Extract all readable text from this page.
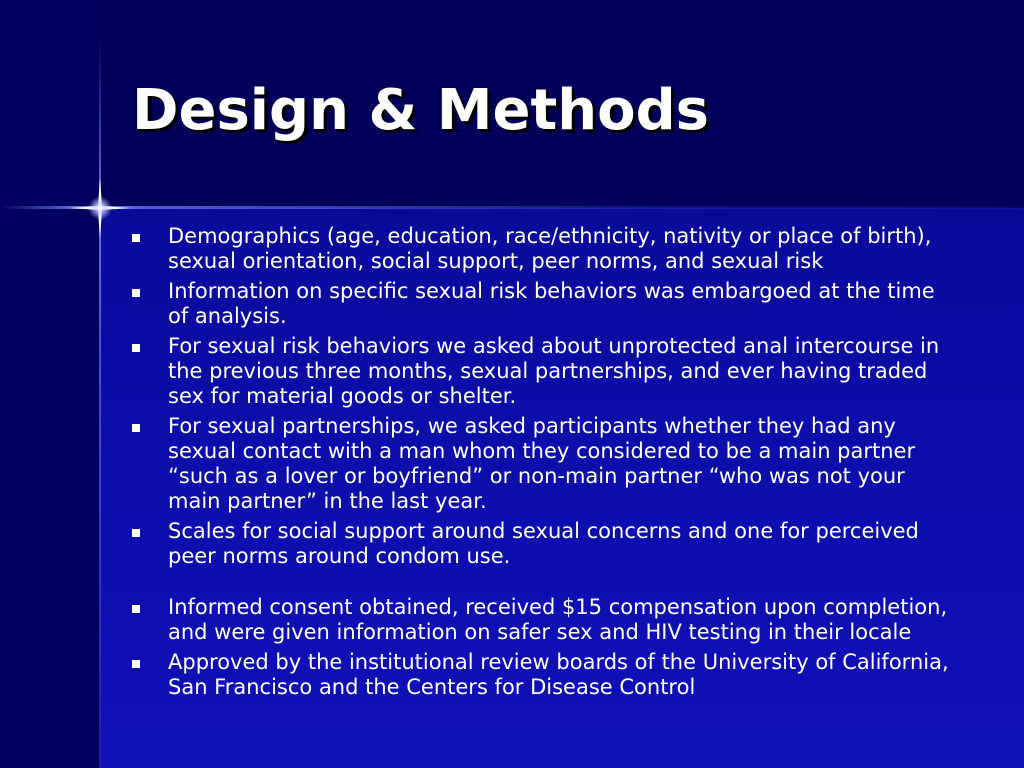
Design & Methods
Demographics (age, education, race/ethnicity, nativity or place of birth), sexual orientation, social support, peer norms, and sexual risk
Information on specific sexual risk behaviors was embargoed at the time of analysis.
For sexual risk behaviors we asked about unprotected anal intercourse in the previous three months, sexual partnerships, and ever having traded sex for material goods or shelter.
For sexual partnerships, we asked participants whether they had any sexual contact with a man whom they considered to be a main partner “such as a lover or boyfriend” or non-main partner “who was not your main partner” in the last year.
Scales for social support around sexual concerns and one for perceived peer norms around condom use.
Informed consent obtained, received $15 compensation upon completion, and were given information on safer sex and HIV testing in their locale
Approved by the institutional review boards of the University of California, San Francisco and the Centers for Disease Control
